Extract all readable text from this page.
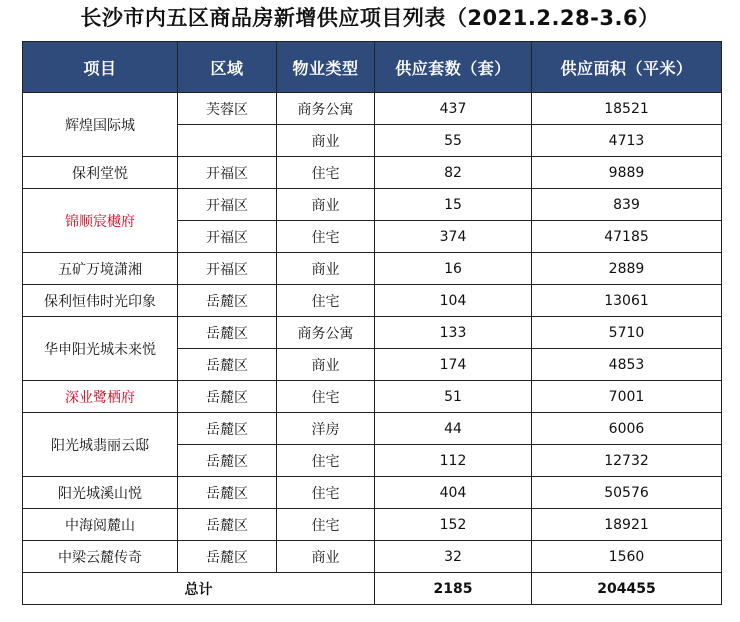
长沙市内五区商品房新增供应项目列表（2021.2.28-3.6）
项目	区域	物业类型	供应套数（套）	供应面积（平米）
辉煌国际城	芙蓉区	商务公寓	437	18521
		商业	55	4713
保利堂悦	开福区	住宅	82	9889
锦顺宸樾府	开福区	商业	15	839
	开福区	住宅	374	47185
五矿万境潇湘	开福区	商业	16	2889
保利恒伟时光印象	岳麓区	住宅	104	13061
华申阳光城未来悦	岳麓区	商务公寓	133	5710
	岳麓区	商业	174	4853
深业鹭栖府	岳麓区	住宅	51	7001
阳光城翡丽云邸	岳麓区	洋房	44	6006
	岳麓区	住宅	112	12732
阳光城溪山悦	岳麓区	住宅	404	50576
中海阅麓山	岳麓区	住宅	152	18921
中梁云麓传奇	岳麓区	商业	32	1560
总计			2185	204455
